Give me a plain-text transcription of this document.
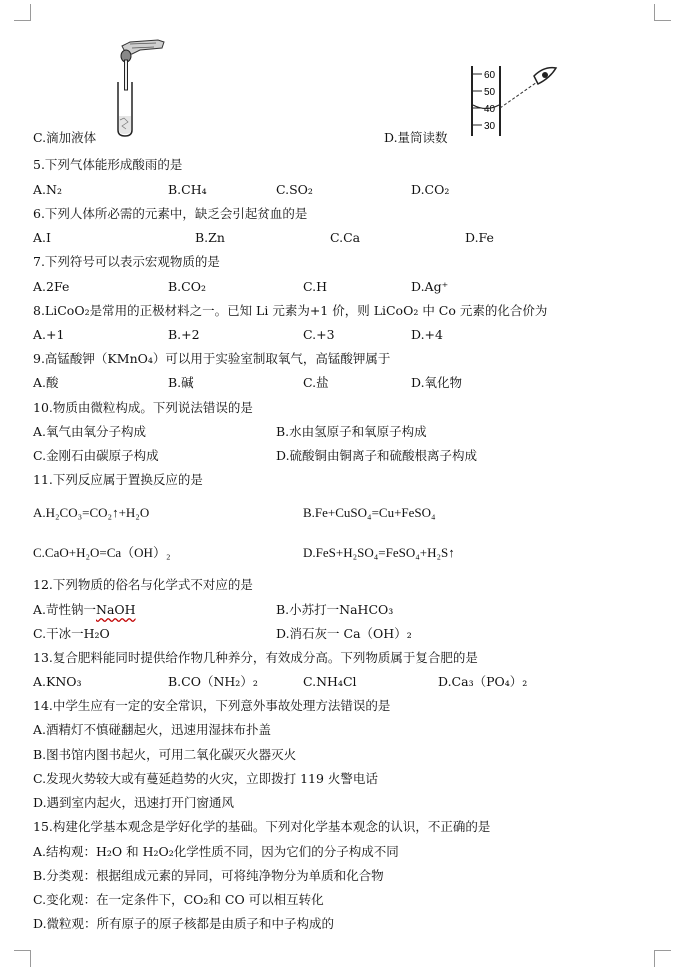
60
50
40
30
C.滴加液体	D.量筒读数
5.下列气体能形成酸雨的是
A.N₂	B.CH₄	C.SO₂	D.CO₂
6.下列人体所必需的元素中，缺乏会引起贫血的是
A.I	B.Zn	C.Ca	D.Fe
7.下列符号可以表示宏观物质的是
A.2Fe	B.CO₂	C.H	D.Ag⁺
8.LiCoO₂是常用的正极材料之一。已知 Li 元素为+1 价，则 LiCoO₂ 中 Co 元素的化合价为
A.+1	B.+2	C.+3	D.+4
9.高锰酸钾（KMnO₄）可以用于实验室制取氧气，高锰酸钾属于
A.酸	B.碱	C.盐	D.氧化物
10.物质由微粒构成。下列说法错误的是
A.氧气由氧分子构成	B.水由氢原子和氧原子构成
C.金刚石由碳原子构成	D.硫酸铜由铜离子和硫酸根离子构成
11.下列反应属于置换反应的是
A.H₂CO₃=CO₂↑+H₂O	B.Fe+CuSO₄=Cu+FeSO₄
C.CaO+H₂O=Ca（OH）₂	D.FeS+H₂SO₄=FeSO₄+H₂S↑
12.下列物质的俗名与化学式不对应的是
A.苛性钠一NaOH	B.小苏打一NaHCO₃
C.干冰一H₂O	D.消石灰一 Ca（OH）₂
13.复合肥料能同时提供给作物几种养分，有效成分高。下列物质属于复合肥的是
A.KNO₃	B.CO（NH₂）₂	C.NH₄Cl	D.Ca₃（PO₄）₂
14.中学生应有一定的安全常识，下列意外事故处理方法错误的是
A.酒精灯不慎碰翻起火，迅速用湿抹布扑盖
B.图书馆内图书起火，可用二氧化碳灭火器灭火
C.发现火势较大或有蔓延趋势的火灾，立即拨打 119 火警电话
D.遇到室内起火，迅速打开门窗通风
15.构建化学基本观念是学好化学的基础。下列对化学基本观念的认识，不正确的是
A.结构观：H₂O 和 H₂O₂化学性质不同，因为它们的分子构成不同
B.分类观：根据组成元素的异同，可将纯净物分为单质和化合物
C.变化观：在一定条件下，CO₂和 CO 可以相互转化
D.微粒观：所有原子的原子核都是由质子和中子构成的
